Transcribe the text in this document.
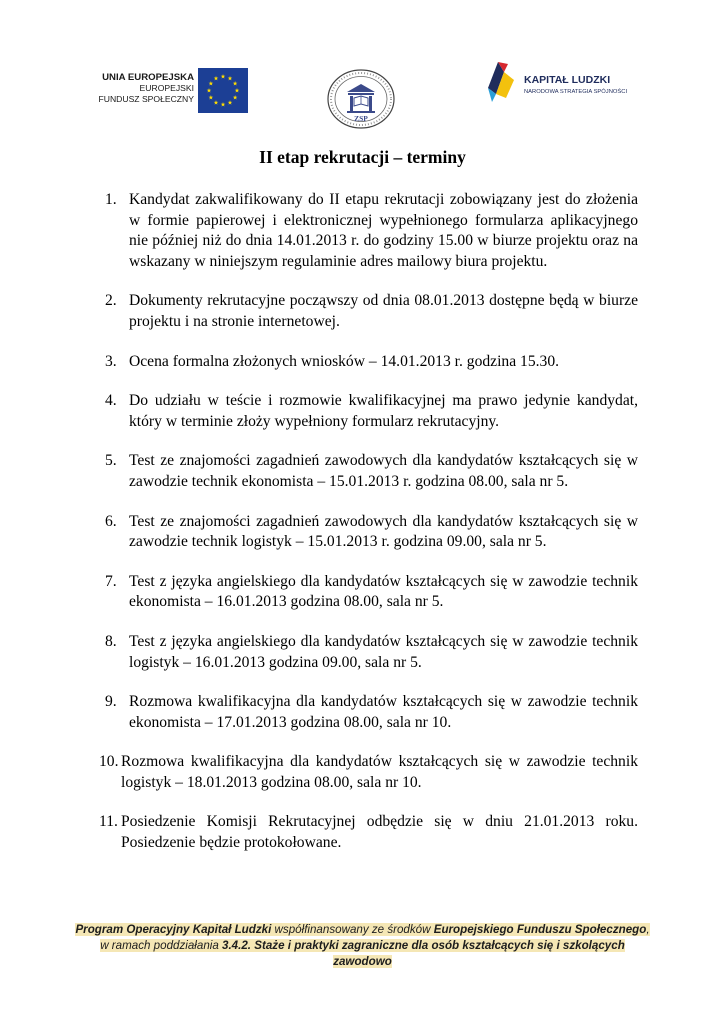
UNIA EUROPEJSKA
EUROPEJSKI
FUNDUSZ SPOŁECZNY
ZSP
KAPITAŁ LUDZKI
NARODOWA STRATEGIA SPÓJNOŚCI
II etap rekrutacji – terminy
1. Kandydat zakwalifikowany do II etapu rekrutacji zobowiązany jest do złożenia w formie papierowej i elektronicznej wypełnionego formularza aplikacyjnego nie później niż do dnia 14.01.2013 r. do godziny 15.00 w biurze projektu oraz na wskazany w niniejszym regulaminie adres mailowy biura projektu.
2. Dokumenty rekrutacyjne począwszy od dnia 08.01.2013 dostępne będą w biurze projektu i na stronie internetowej.
3. Ocena formalna złożonych wniosków – 14.01.2013 r. godzina 15.30.
4. Do udziału w teście i rozmowie kwalifikacyjnej ma prawo jedynie kandydat, który w terminie złoży wypełniony formularz rekrutacyjny.
5. Test ze znajomości zagadnień zawodowych dla kandydatów kształcących się w zawodzie technik ekonomista – 15.01.2013 r. godzina 08.00, sala nr 5.
6. Test ze znajomości zagadnień zawodowych dla kandydatów kształcących się w zawodzie technik logistyk – 15.01.2013 r. godzina 09.00, sala nr 5.
7. Test z języka angielskiego dla kandydatów kształcących się w zawodzie technik ekonomista – 16.01.2013 godzina 08.00, sala nr 5.
8. Test z języka angielskiego dla kandydatów kształcących się w zawodzie technik logistyk – 16.01.2013 godzina 09.00, sala nr 5.
9. Rozmowa kwalifikacyjna dla kandydatów kształcących się w zawodzie technik ekonomista – 17.01.2013 godzina 08.00, sala nr 10.
10. Rozmowa kwalifikacyjna dla kandydatów kształcących się w zawodzie technik logistyk – 18.01.2013 godzina 08.00, sala nr 10.
11. Posiedzenie Komisji Rekrutacyjnej odbędzie się w dniu 21.01.2013 roku. Posiedzenie będzie protokołowane.
Program Operacyjny Kapitał Ludzki współfinansowany ze środków Europejskiego Funduszu Społecznego,
w ramach poddziałania 3.4.2. Staże i praktyki zagraniczne dla osób kształcących się i szkolących zawodowo
